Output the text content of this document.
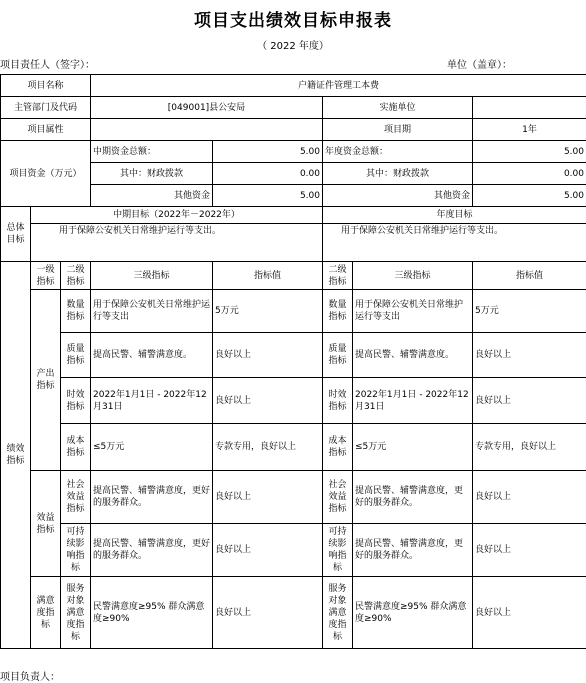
项目支出绩效目标申报表
（ 2022 年度）
项目责任人（签字）：	单位（盖章）：
项目名称			户籍证件管理工本费				
主管部门及代码			[049001]县公安局		实施单位		
项目属性					项目期		1年
项目资金（万元）			中期资金总额：	5.00	年度资金总额：		5.00
			其中：财政拨款	0.00	其中：财政拨款		0.00
			其他资金	5.00	其他资金		5.00
总体目标	中期目标（2022年－2022年）				年度目标		
	用于保障公安机关日常维护运行等支出。				用于保障公安机关日常维护运行等支出。		
绩效指标	一级指标	二级指标	三级指标	指标值	二级指标	三级指标	指标值
	产出指标	数量指标	用于保障公安机关日常维护运行等支出	5万元	数量指标	用于保障公安机关日常维护运行等支出	5万元
		质量指标	提高民警、辅警满意度。	良好以上	质量指标	提高民警、辅警满意度。	良好以上
		时效指标	2022年1月1日 - 2022年12月31日	良好以上	时效指标	2022年1月1日 - 2022年12月31日	良好以上
		成本指标	≤5万元	专款专用，良好以上	成本指标	≤5万元	专款专用，良好以上
	效益指标	社会效益指标	提高民警、辅警满意度，更好的服务群众。	良好以上	社会效益指标	提高民警、辅警满意度，更好的服务群众。	良好以上
		可持续影响指标	提高民警、辅警满意度，更好的服务群众。	良好以上	可持续影响指标	提高民警、辅警满意度，更好的服务群众。	良好以上
	满意度指标	服务对象满意度指标	民警满意度≥95% 群众满意度≥90%	良好以上	服务对象满意度指标	民警满意度≥95% 群众满意度≥90%	良好以上
项目负责人：
